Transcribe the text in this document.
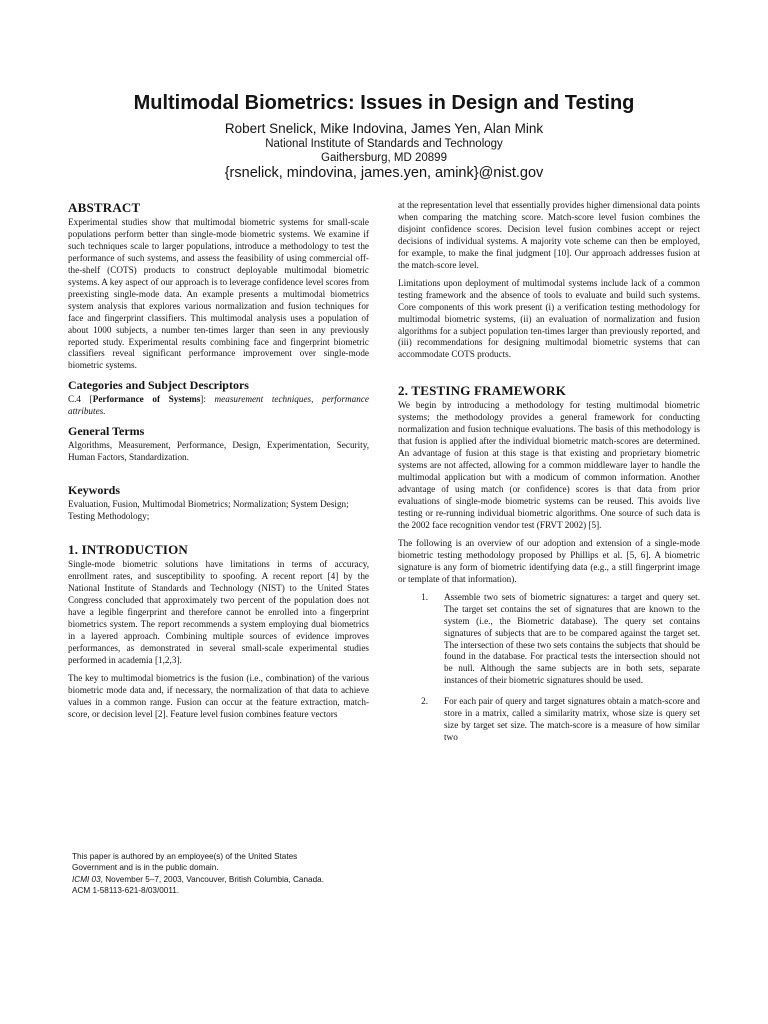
Multimodal Biometrics: Issues in Design and Testing
Robert Snelick, Mike Indovina, James Yen, Alan Mink
National Institute of Standards and Technology
Gaithersburg, MD 20899
{rsnelick, mindovina, james.yen, amink}@nist.gov
ABSTRACT

Experimental studies show that multimodal biometric systems for small-scale populations perform better than single-mode biometric systems. We examine if such techniques scale to larger populations, introduce a methodology to test the performance of such systems, and assess the feasibility of using commercial off-the-shelf (COTS) products to construct deployable multimodal biometric systems. A key aspect of our approach is to leverage confidence level scores from preexisting single-mode data. An example presents a multimodal biometrics system analysis that explores various normalization and fusion techniques for face and fingerprint classifiers. This multimodal analysis uses a population of about 1000 subjects, a number ten-times larger than seen in any previously reported study. Experimental results combining face and fingerprint biometric classifiers reveal significant performance improvement over single-mode biometric systems.

Categories and Subject Descriptors

C.4 [Performance of Systems]: measurement techniques, performance attributes.

General Terms

Algorithms, Measurement, Performance, Design, Experimentation, Security, Human Factors, Standardization.

Keywords

Evaluation, Fusion, Multimodal Biometrics; Normalization; System Design; Testing Methodology;

1. INTRODUCTION

Single-mode biometric solutions have limitations in terms of accuracy, enrollment rates, and susceptibility to spoofing. A recent report [4] by the National Institute of Standards and Technology (NIST) to the United States Congress concluded that approximately two percent of the population does not have a legible fingerprint and therefore cannot be enrolled into a fingerprint biometrics system. The report recommends a system employing dual biometrics in a layered approach. Combining multiple sources of evidence improves performances, as demonstrated in several small-scale experimental studies performed in academia [1,2,3].

The key to multimodal biometrics is the fusion (i.e., combination) of the various biometric mode data and, if necessary, the normalization of that data to achieve values in a common range. Fusion can occur at the feature extraction, match-score, or decision level [2]. Feature level fusion combines feature vectors

This paper is authored by an employee(s) of the United States
Government and is in the public domain.
ICMI 03, November 5–7, 2003, Vancouver, British Columbia, Canada.
ACM 1-58113-621-8/03/0011.

at the representation level that essentially provides higher dimensional data points when comparing the matching score. Match-score level fusion combines the disjoint confidence scores. Decision level fusion combines accept or reject decisions of individual systems. A majority vote scheme can then be employed, for example, to make the final judgment [10]. Our approach addresses fusion at the match-score level.

Limitations upon deployment of multimodal systems include lack of a common testing framework and the absence of tools to evaluate and build such systems. Core components of this work present (i) a verification testing methodology for multimodal biometric systems, (ii) an evaluation of normalization and fusion algorithms for a subject population ten-times larger than previously reported, and (iii) recommendations for designing multimodal biometric systems that can accommodate COTS products.

2. TESTING FRAMEWORK

We begin by introducing a methodology for testing multimodal biometric systems; the methodology provides a general framework for conducting normalization and fusion technique evaluations. The basis of this methodology is that fusion is applied after the individual biometric match-scores are determined. An advantage of fusion at this stage is that existing and proprietary biometric systems are not affected, allowing for a common middleware layer to handle the multimodal application but with a modicum of common information. Another advantage of using match (or confidence) scores is that data from prior evaluations of single-mode biometric systems can be reused. This avoids live testing or re-running individual biometric algorithms. One source of such data is the 2002 face recognition vendor test (FRVT 2002) [5].

The following is an overview of our adoption and extension of a single-mode biometric testing methodology proposed by Phillips et al. [5, 6]. A biometric signature is any form of biometric identifying data (e.g., a still fingerprint image or template of that information).

1.	Assemble two sets of biometric signatures: a target and query set. The target set contains the set of signatures that are known to the system (i.e., the Biometric database). The query set contains signatures of subjects that are to be compared against the target set. The intersection of these two sets contains the subjects that should be found in the database. For practical tests the intersection should not be null. Although the same subjects are in both sets, separate instances of their biometric signatures should be used.
2.	For each pair of query and target signatures obtain a match-score and store in a matrix, called a similarity matrix, whose size is query set size by target set size. The match-score is a measure of how similar two
